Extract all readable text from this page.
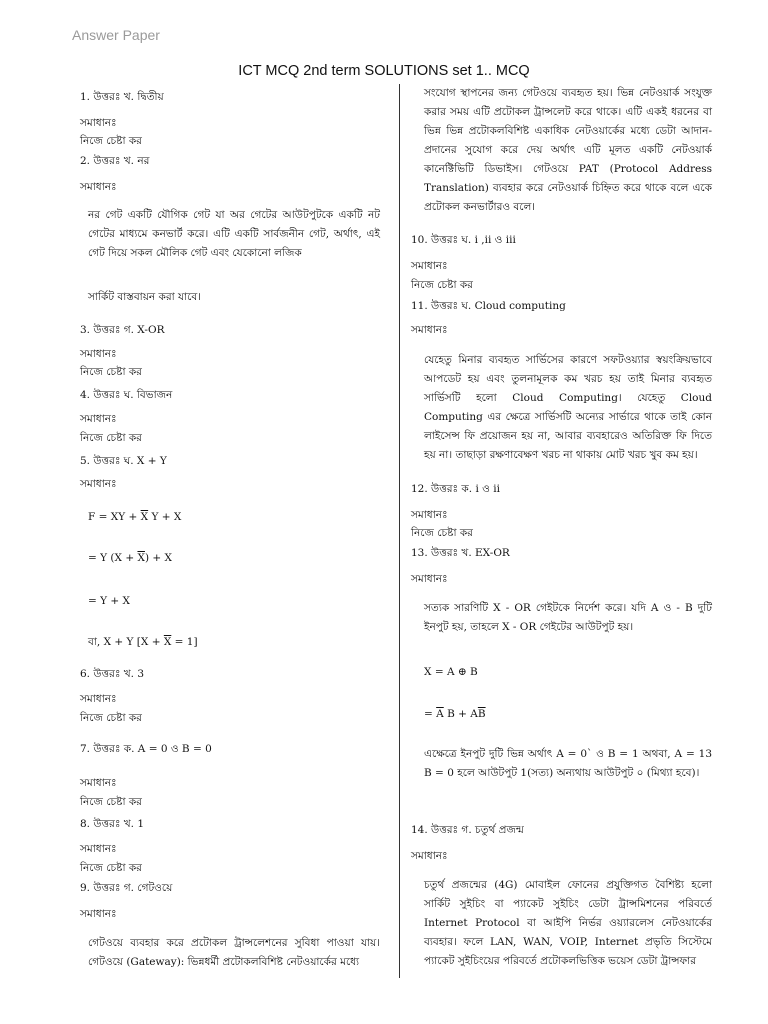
Answer Paper
ICT MCQ 2nd term SOLUTIONS set 1.. MCQ
1. উত্তরঃ খ. দ্বিতীয়
সমাধানঃ
নিজে চেষ্টা কর
2. উত্তরঃ খ. নর
সমাধানঃ
নর গেট একটি যৌগিক গেট যা অর গেটের আউটপুটকে একটি নট গেটের মাধ্যমে কনভার্ট করে। এটি একটি সার্বজনীন গেট, অর্থাৎ, এই গেট দিয়ে সকল মৌলিক গেট এবং যেকোনো লজিক
সার্কিট বাস্তবায়ন করা যাবে।
3. উত্তরঃ গ. X-OR
সমাধানঃ
নিজে চেষ্টা কর
4. উত্তরঃ ঘ. বিভাজন
সমাধানঃ
নিজে চেষ্টা কর
5. উত্তরঃ ঘ. X + Y
সমাধানঃ
F = XY + $\overline{X}$ Y + X
= Y $(X + \overline{X}) + X$
= Y + X
বা, X + Y $[X + \overline{X} = 1]$
6. উত্তরঃ খ. 3
সমাধানঃ
নিজে চেষ্টা কর
7. উত্তরঃ ক. A = 0 ও B = 0
সমাধানঃ
নিজে চেষ্টা কর
8. উত্তরঃ খ. 1
সমাধানঃ
নিজে চেষ্টা কর
9. উত্তরঃ গ. গেটওয়ে
সমাধানঃ
গেটওয়ে ব্যবহার করে প্রটোকল ট্রান্সলেশনের সুবিধা পাওয়া যায়। গেটওয়ে (Gateway): ভিন্নধর্মী প্রটোকলবিশিষ্ট নেটওয়ার্কের মধ্যে
সংযোগ স্থাপনের জন্য গেটওয়ে ব্যবহৃত হয়। ভিন্ন নেটওয়ার্ক সংযুক্ত করার সময় এটি প্রটোকল ট্রান্সলেট করে থাকে। এটি একই ধরনের বা ভিন্ন ভিন্ন প্রটোকলবিশিষ্ট একাধিক নেটওয়ার্কের মধ্যে ডেটা আদান-প্রদানের সুযোগ করে দেয় অর্থাৎ এটি মূলত একটি নেটওয়ার্ক কানেক্টিভিটি ডিভাইস। গেটওয়ে PAT (Protocol Address Translation) ব্যবহার করে নেটওয়ার্ক চিহ্নিত করে থাকে বলে একে প্রটোকল কনভার্টারও বলে।
10. উত্তরঃ ঘ. i ,ii ও iii
সমাধানঃ
নিজে চেষ্টা কর
11. উত্তরঃ ঘ. Cloud computing
সমাধানঃ
যেহেতু মিনার ব্যবহৃত সার্ভিসের কারণে সফটওয়্যার স্বয়ংক্রিয়ভাবে আপডেট হয় এবং তুলনামূলক কম খরচ হয় তাই মিনার ব্যবহৃত সার্ভিসটি হলো Cloud Computing। যেহেতু Cloud Computing এর ক্ষেত্রে সার্ভিসটি অন্যের সার্ভারে থাকে তাই কোন লাইসেন্স ফি প্রয়োজন হয় না, আবার ব্যবহারেও অতিরিক্ত ফি দিতে হয় না। তাছাড়া রক্ষণাবেক্ষণ খরচ না থাকায় মোট খরচ খুব কম হয়।
12. উত্তরঃ ক. i ও ii
সমাধানঃ
নিজে চেষ্টা কর
13. উত্তরঃ খ. EX-OR
সমাধানঃ
সত্যক সারণিটি X - OR গেইটকে নির্দেশ করে। যদি A ও - B দুটি ইনপুট হয়, তাহলে X - OR গেইটের আউটপুট হয়।
X = A ⊕ B
= $\overline{A}$ $B + A\overline{B}$
এক্ষেত্রে ইনপুট দুটি ভিন্ন অর্থাৎ A = 0` ও B = 1 অথবা, A = 13 B = 0 হলে আউটপুট 1(সত্য) অন্যথায় আউটপুট ০ (মিথ্যা হবে)।
14. উত্তরঃ গ. চতুর্থ প্রজন্ম
সমাধানঃ
চতুর্থ প্রজন্মের (4G) মোবাইল ফোনের প্রযুক্তিগত বৈশিষ্ট্য হলো সার্কিট সুইচিং বা প্যাকেট সুইচিং ডেটা ট্রান্সমিশনের পরিবর্তে Internet Protocol বা আইপি নির্ভর ওয়্যারলেস নেটওয়ার্কের ব্যবহার। ফলে LAN, WAN, VOIP, Internet প্রভৃতি সিস্টেমে প্যাকেট সুইচিংয়ের পরিবর্তে প্রটোকলভিত্তিক ভয়েস ডেটা ট্রান্সফার
